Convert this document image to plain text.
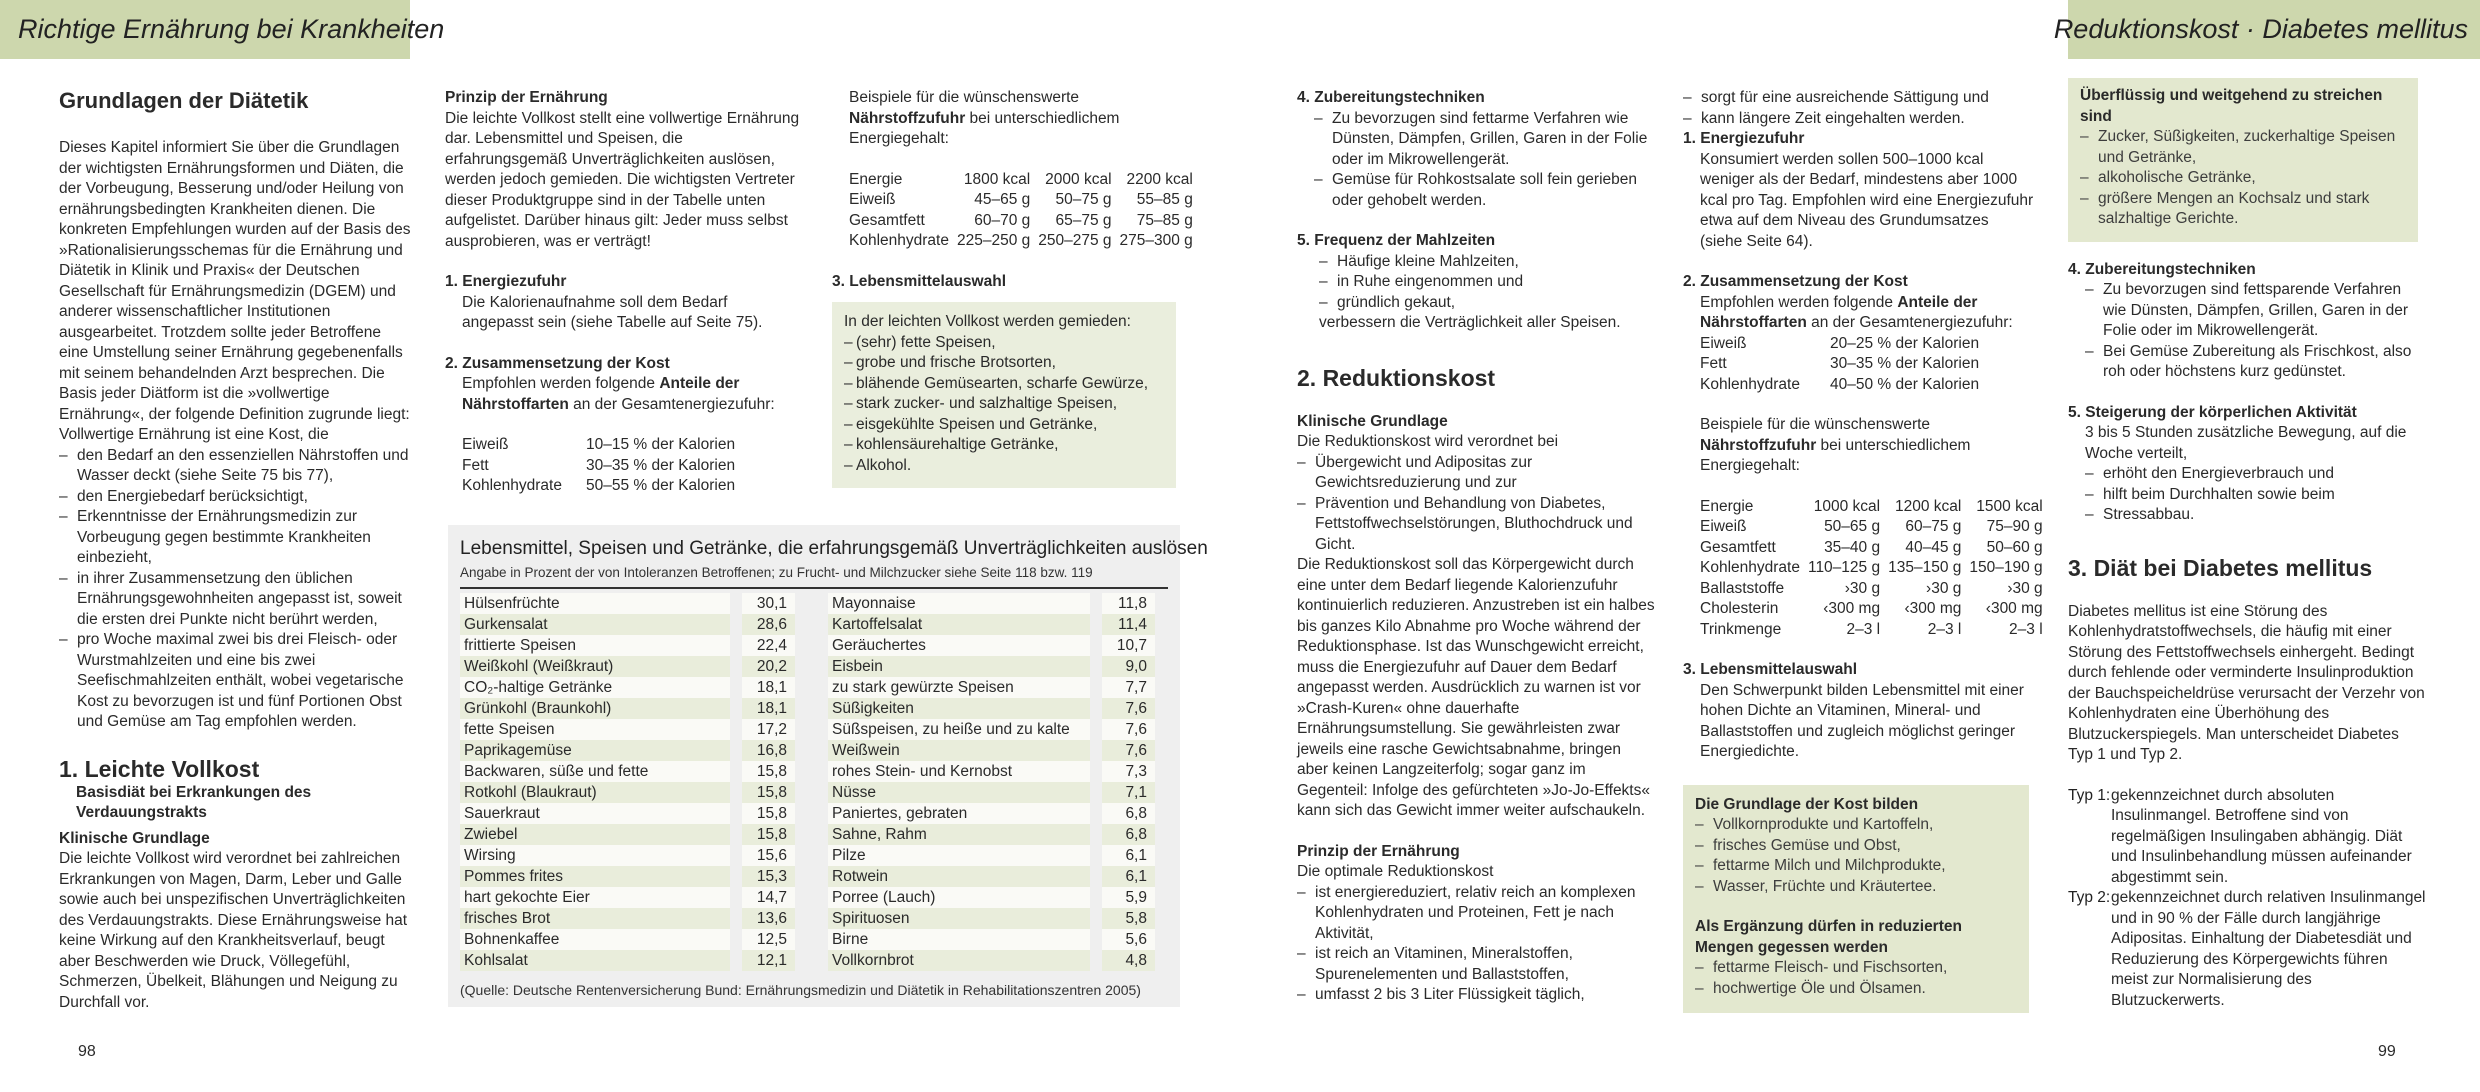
Richtige Ernährung bei Krankheiten
Grundlagen der Diätetik

Dieses Kapitel informiert Sie über die Grundlagen der wichtigsten Ernährungsformen und Diäten, die der Vorbeugung, Besserung und/oder Heilung von ernährungsbedingten Krankheiten dienen. Die konkreten Empfehlungen wurden auf der Basis des »Rationalisierungsschemas für die Ernährung und Diätetik in Klinik und Praxis« der Deutschen Gesellschaft für Ernährungsmedizin (DGEM) und anderer wissenschaftlicher Institutionen ausgearbeitet. Trotzdem sollte jeder Betroffene eine Umstellung seiner Ernährung gegebenenfalls mit seinem behandelnden Arzt besprechen. Die Basis jeder Diätform ist die »vollwertige Ernährung«, der folgende Definition zugrunde liegt: Vollwertige Ernährung ist eine Kost, die

– den Bedarf an den essenziellen Nährstoffen und Wasser deckt (siehe Seite 75 bis 77),
– den Energiebedarf berücksichtigt,
– Erkenntnisse der Ernährungsmedizin zur Vorbeugung gegen bestimmte Krankheiten einbezieht,
– in ihrer Zusammensetzung den üblichen Ernährungsgewohnheiten angepasst ist, soweit die ersten drei Punkte nicht berührt werden,
– pro Woche maximal zwei bis drei Fleisch- oder Wurstmahlzeiten und eine bis zwei Seefischmahlzeiten enthält, wobei vegetarische Kost zu bevorzugen ist und fünf Portionen Obst und Gemüse am Tag empfohlen werden.
1. Leichte Vollkost
Basisdiät bei Erkrankungen des Verdauungstrakts
Klinische Grundlage

Die leichte Vollkost wird verordnet bei zahlreichen Erkrankungen von Magen, Darm, Leber und Galle sowie auch bei unspezifischen Unverträglichkeiten des Verdauungstrakts. Diese Ernährungsweise hat keine Wirkung auf den Krankheitsverlauf, beugt aber Beschwerden wie Druck, Völlegefühl, Schmerzen, Übelkeit, Blähungen und Neigung zu Durchfall vor.

Prinzip der Ernährung

Die leichte Vollkost stellt eine vollwertige Ernährung dar. Lebensmittel und Speisen, die erfahrungsgemäß Unverträglichkeiten auslösen, werden jedoch gemieden. Die wichtigsten Vertreter dieser Produktgruppe sind in der Tabelle unten aufgelistet. Darüber hinaus gilt: Jeder muss selbst ausprobieren, was er verträgt!

1. Energiezufuhr

Die Kalorienaufnahme soll dem Bedarf angepasst sein (siehe Tabelle auf Seite 75).

2. Zusammensetzung der Kost

Empfohlen werden folgende Anteile der Nährstoffarten an der Gesamtenergiezufuhr:

Eiweiß	10–15 % der Kalorien
Fett	30–35 % der Kalorien
Kohlenhydrate	50–55 % der Kalorien

Beispiele für die wünschenswerte Nährstoffzufuhr bei unterschiedlichem Energiegehalt:

Energie	1800 kcal	2000 kcal	2200 kcal
Eiweiß	45–65 g	50–75 g	55–85 g
Gesamtfett	60–70 g	65–75 g	75–85 g
Kohlenhydrate	225–250 g	250–275 g	275–300 g
3. Lebensmittelauswahl
In der leichten Vollkost werden gemieden:
– (sehr) fette Speisen,
– grobe und frische Brotsorten,
– blähende Gemüsearten, scharfe Gewürze,
– stark zucker- und salzhaltige Speisen,
– eisgekühlte Speisen und Getränke,
– kohlensäurehaltige Getränke,
– Alkohol.
Lebensmittel, Speisen und Getränke, die erfahrungsgemäß Unverträglichkeiten auslösen
Angabe in Prozent der von Intoleranzen Betroffenen; zu Frucht- und Milchzucker siehe Seite 118 bzw. 119
Hülsenfrüchte	30,1
Gurkensalat	28,6
frittierte Speisen	22,4
Weißkohl (Weißkraut)	20,2
CO₂-haltige Getränke	18,1
Grünkohl (Braunkohl)	18,1
fette Speisen	17,2
Paprikagemüse	16,8
Backwaren, süße und fette	15,8
Rotkohl (Blaukraut)	15,8
Sauerkraut	15,8
Zwiebel	15,8
Wirsing	15,6
Pommes frites	15,3
hart gekochte Eier	14,7
frisches Brot	13,6
Bohnenkaffee	12,5
Kohlsalat	12,1
Mayonnaise	11,8
Kartoffelsalat	11,4
Geräuchertes	10,7
Eisbein	9,0
zu stark gewürzte Speisen	7,7
Süßigkeiten	7,6
Süßspeisen, zu heiße und zu kalte	7,6
Weißwein	7,6
rohes Stein- und Kernobst	7,3
Nüsse	7,1
Paniertes, gebraten	6,8
Sahne, Rahm	6,8
Pilze	6,1
Rotwein	6,1
Porree (Lauch)	5,9
Spirituosen	5,8
Birne	5,6
Vollkornbrot	4,8
(Quelle: Deutsche Rentenversicherung Bund: Ernährungsmedizin und Diätetik in Rehabilitationszentren 2005)
98
Reduktionskost · Diabetes mellitus
4. Zubereitungstechniken
– Zu bevorzugen sind fettarme Verfahren wie Dünsten, Dämpfen, Grillen, Garen in der Folie oder im Mikrowellengerät.
– Gemüse für Rohkostsalate soll fein gerieben oder gehobelt werden.
5. Frequenz der Mahlzeiten
– Häufige kleine Mahlzeiten,
– in Ruhe eingenommen und
– gründlich gekaut,

verbessern die Verträglichkeit aller Speisen.

2. Reduktionskost
Klinische Grundlage

Die Reduktionskost wird verordnet bei

– Übergewicht und Adipositas zur Gewichtsreduzierung und zur
– Prävention und Behandlung von Diabetes, Fettstoffwechselstörungen, Bluthochdruck und Gicht.

Die Reduktionskost soll das Körpergewicht durch eine unter dem Bedarf liegende Kalorienzufuhr kontinuierlich reduzieren. Anzustreben ist ein halbes bis ganzes Kilo Abnahme pro Woche während der Reduktionsphase. Ist das Wunschgewicht erreicht, muss die Energiezufuhr auf Dauer dem Bedarf angepasst werden. Ausdrücklich zu warnen ist vor »Crash-Kuren« ohne dauerhafte Ernährungsumstellung. Sie gewährleisten zwar jeweils eine rasche Gewichtsabnahme, bringen aber keinen Langzeiterfolg; sogar ganz im Gegenteil: Infolge des gefürchteten »Jo-Jo-Effekts« kann sich das Gewicht immer weiter aufschaukeln.

Prinzip der Ernährung

Die optimale Reduktionskost

– ist energiereduziert, relativ reich an komplexen Kohlenhydraten und Proteinen, Fett je nach Aktivität,
– ist reich an Vitaminen, Mineralstoffen, Spurenelementen und Ballaststoffen,
– umfasst 2 bis 3 Liter Flüssigkeit täglich,
– sorgt für eine ausreichende Sättigung und
– kann längere Zeit eingehalten werden.
1. Energiezufuhr

Konsumiert werden sollen 500–1000 kcal weniger als der Bedarf, mindestens aber 1000 kcal pro Tag. Empfohlen wird eine Energiezufuhr etwa auf dem Niveau des Grundumsatzes (siehe Seite 64).

2. Zusammensetzung der Kost

Empfohlen werden folgende Anteile der Nährstoffarten an der Gesamtenergiezufuhr:

Eiweiß	20–25 % der Kalorien
Fett	30–35 % der Kalorien
Kohlenhydrate	40–50 % der Kalorien

Beispiele für die wünschenswerte Nährstoffzufuhr bei unterschiedlichem Energiegehalt:

Energie	1000 kcal	1200 kcal	1500 kcal
Eiweiß	50–65 g	60–75 g	75–90 g
Gesamtfett	35–40 g	40–45 g	50–60 g
Kohlenhydrate	110–125 g	135–150 g	150–190 g
Ballaststoffe	›30 g	›30 g	›30 g
Cholesterin	‹300 mg	‹300 mg	‹300 mg
Trinkmenge	2–3 l	2–3 l	2–3 l
3. Lebensmittelauswahl

Den Schwerpunkt bilden Lebensmittel mit einer hohen Dichte an Vitaminen, Mineral- und Ballaststoffen und zugleich möglichst geringer Energiedichte.

Die Grundlage der Kost bilden
– Vollkornprodukte und Kartoffeln,
– frisches Gemüse und Obst,
– fettarme Milch und Milchprodukte,
– Wasser, Früchte und Kräutertee.
Als Ergänzung dürfen in reduzierten Mengen gegessen werden
– fettarme Fleisch- und Fischsorten,
– hochwertige Öle und Ölsamen.
Überflüssig und weitgehend zu streichen sind
– Zucker, Süßigkeiten, zuckerhaltige Speisen und Getränke,
– alkoholische Getränke,
– größere Mengen an Kochsalz und stark salzhaltige Gerichte.
4. Zubereitungstechniken
– Zu bevorzugen sind fettsparende Verfahren wie Dünsten, Dämpfen, Grillen, Garen in der Folie oder im Mikrowellengerät.
– Bei Gemüse Zubereitung als Frischkost, also roh oder höchstens kurz gedünstet.
5. Steigerung der körperlichen Aktivität

3 bis 5 Stunden zusätzliche Bewegung, auf die Woche verteilt,

– erhöht den Energieverbrauch und
– hilft beim Durchhalten sowie beim
– Stressabbau.
3. Diät bei Diabetes mellitus

Diabetes mellitus ist eine Störung des Kohlenhydratstoffwechsels, die häufig mit einer Störung des Fettstoffwechsels einhergeht. Bedingt durch fehlende oder verminderte Insulinproduktion der Bauchspeicheldrüse verursacht der Verzehr von Kohlenhydraten eine Überhöhung des Blutzuckerspiegels. Man unterscheidet Diabetes Typ 1 und Typ 2.

Typ 1: gekennzeichnet durch absoluten Insulinmangel. Betroffene sind von regelmäßigen Insulingaben abhängig. Diät und Insulinbehandlung müssen aufeinander abgestimmt sein.
Typ 2: gekennzeichnet durch relativen Insulinmangel und in 90 % der Fälle durch langjährige Adipositas. Einhaltung der Diabetesdiät und Reduzierung des Körpergewichts führen meist zur Normalisierung des Blutzuckerwerts.
99
